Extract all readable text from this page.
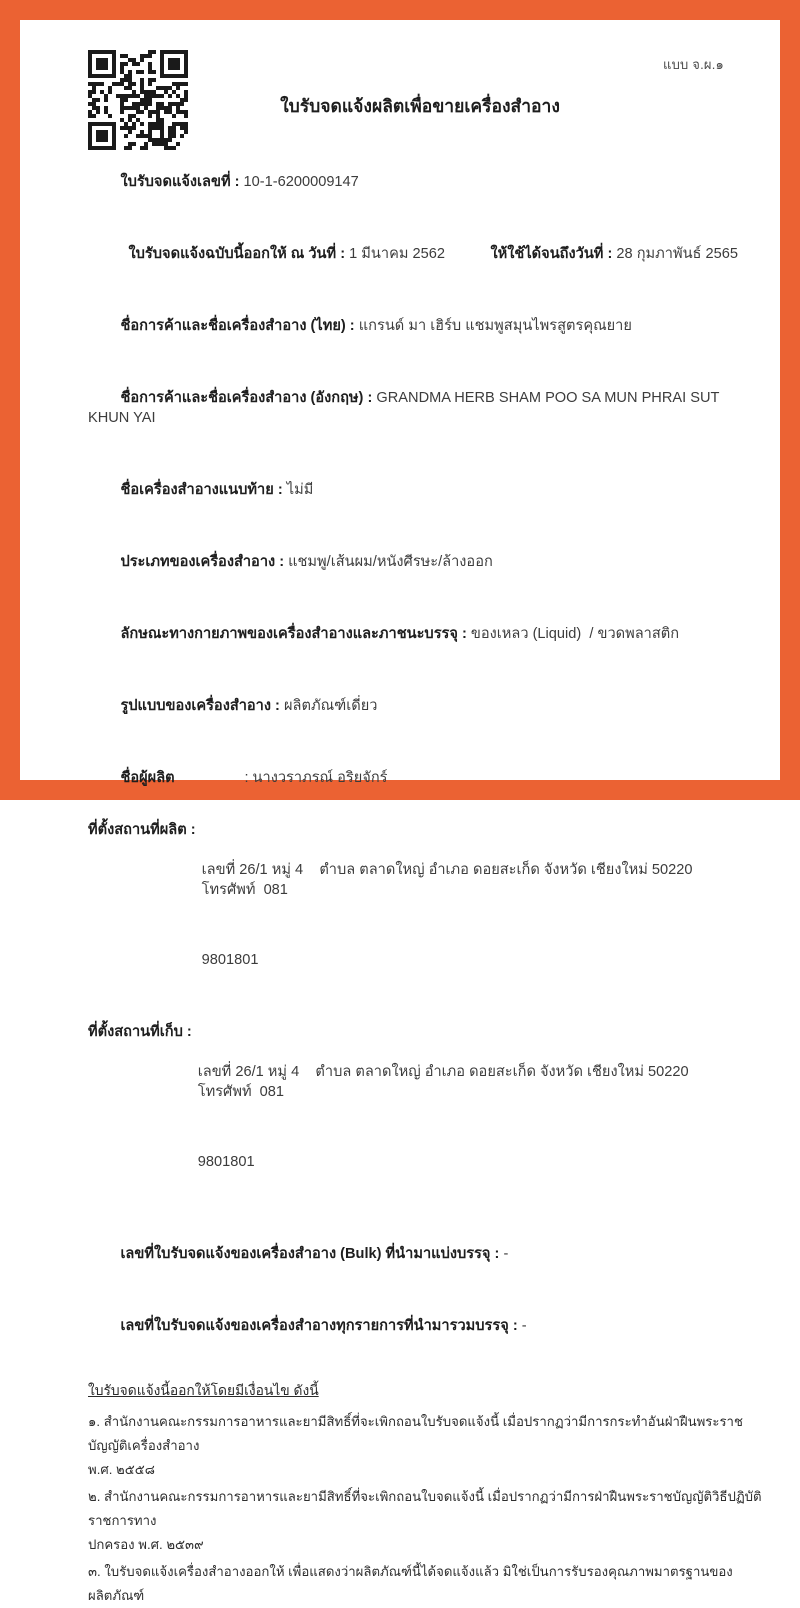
แบบ จ.ผ.๑
ใบรับจดแจ้งผลิตเพื่อขายเครื่องสำอาง

ใบรับจดแจ้งเลขที่ : 10-1-6200009147

ใบรับจดแจ้งฉบับนี้ออกให้ ณ วันที่ : 1 มีนาคม 2562
	ให้ใช้ได้จนถึงวันที่ : 28 กุมภาพันธ์ 2565

ชื่อการค้าและชื่อเครื่องสำอาง (ไทย) : แกรนด์ มา เฮิร์บ แชมพูสมุนไพรสูตรคุณยาย

ชื่อการค้าและชื่อเครื่องสำอาง (อังกฤษ) : GRANDMA HERB SHAM POO SA MUN PHRAI SUT KHUN YAI

ชื่อเครื่องสำอางแนบท้าย : ไม่มี

ประเภทของเครื่องสำอาง : แชมพู/เส้นผม/หนังศีรษะ/ล้างออก

ลักษณะทางกายภาพของเครื่องสำอางและภาชนะบรรจุ : ของเหลว (Liquid)  / ขวดพลาสติก

รูปแบบของเครื่องสำอาง : ผลิตภัณฑ์เดี่ยว

ชื่อผู้ผลิต	: นางวราภรณ์ อริยจักร์

ที่ตั้งสถานที่ผลิต :

เลขที่ 26/1 หมู่ 4    ตำบล ตลาดใหญ่ อำเภอ ดอยสะเก็ด จังหวัด เชียงใหม่ 50220 โทรศัพท์  081

9801801

ที่ตั้งสถานที่เก็บ :

เลขที่ 26/1 หมู่ 4    ตำบล ตลาดใหญ่ อำเภอ ดอยสะเก็ด จังหวัด เชียงใหม่ 50220 โทรศัพท์  081

9801801

เลขที่ใบรับจดแจ้งของเครื่องสำอาง (Bulk) ที่นำมาแบ่งบรรจุ : -

เลขที่ใบรับจดแจ้งของเครื่องสำอางทุกรายการที่นำมารวมบรรจุ : -

ใบรับจดแจ้งนี้ออกให้โดยมีเงื่อนไข ดังนี้
๑. สำนักงานคณะกรรมการอาหารและยามีสิทธิ์ที่จะเพิกถอนใบรับจดแจ้งนี้ เมื่อปรากฏว่ามีการกระทำอันฝ่าฝืนพระราชบัญญัติเครื่องสำอาง
พ.ศ. ๒๕๕๘
๒. สำนักงานคณะกรรมการอาหารและยามีสิทธิ์ที่จะเพิกถอนใบจดแจ้งนี้ เมื่อปรากฏว่ามีการฝ่าฝืนพระราชบัญญัติวิธีปฏิบัติราชการทาง
ปกครอง พ.ศ. ๒๕๓๙
๓. ใบรับจดแจ้งเครื่องสำอางออกให้ เพื่อแสดงว่าผลิตภัณฑ์นี้ได้จดแจ้งแล้ว มิใช่เป็นการรับรองคุณภาพมาตรฐานของผลิตภัณฑ์
